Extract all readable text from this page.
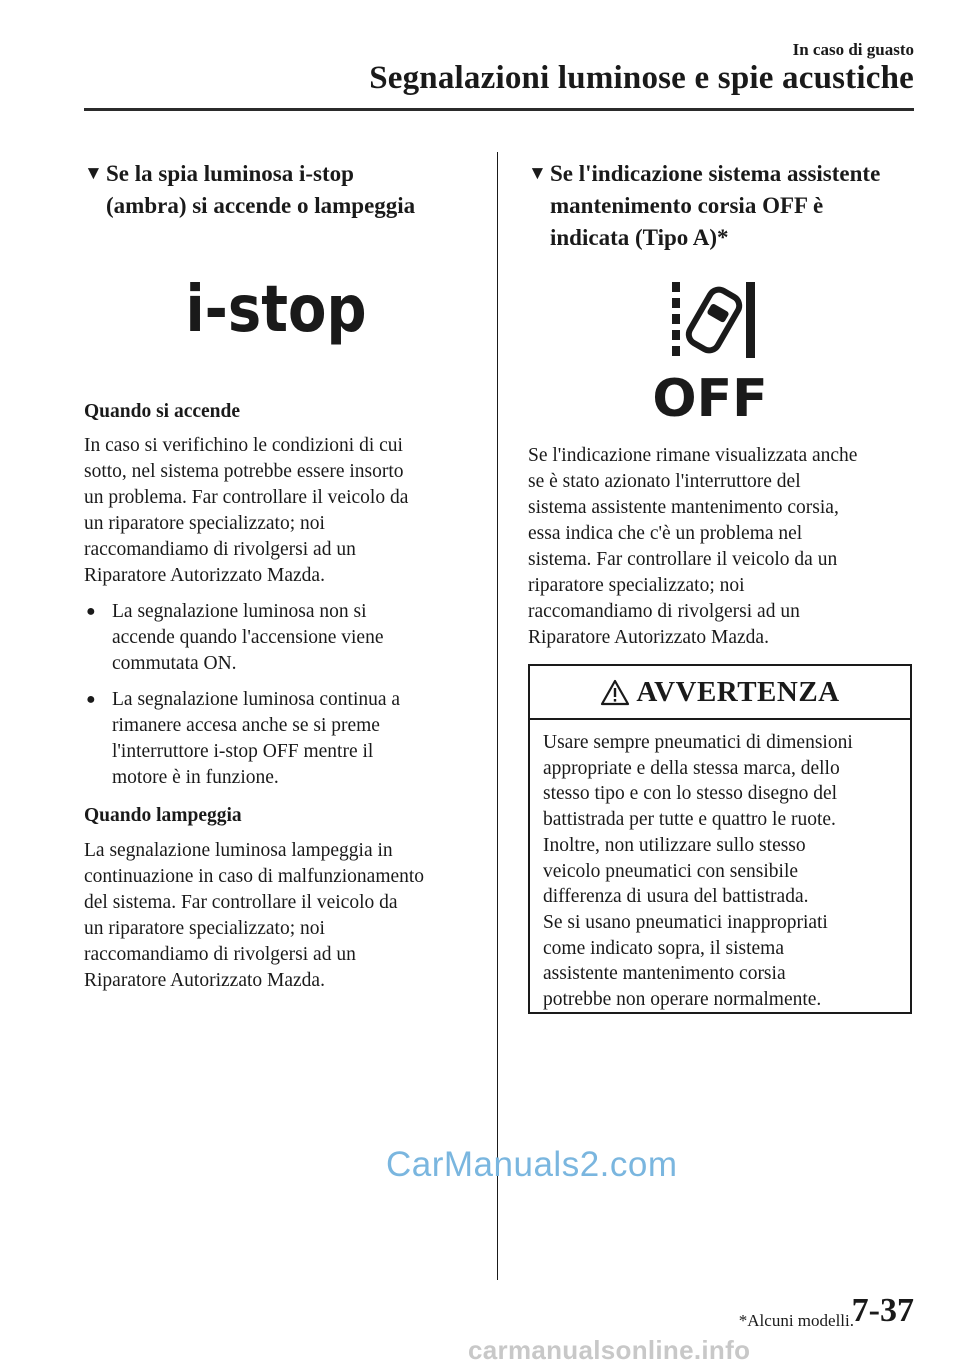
In caso di guasto
Segnalazioni luminose e spie acustiche
▼ Se la spia luminosa i-stop
(ambra) si accende o lampeggia
i-stop
Quando si accende
In caso si verifichino le condizioni di cui
sotto, nel sistema potrebbe essere insorto
un problema. Far controllare il veicolo da
un riparatore specializzato; noi
raccomandiamo di rivolgersi ad un
Riparatore Autorizzato Mazda.
● La segnalazione luminosa non si
accende quando l'accensione viene
commutata ON.
● La segnalazione luminosa continua a
rimanere accesa anche se si preme
l'interruttore i-stop OFF mentre il
motore è in funzione.
Quando lampeggia
La segnalazione luminosa lampeggia in
continuazione in caso di malfunzionamento
del sistema. Far controllare il veicolo da
un riparatore specializzato; noi
raccomandiamo di rivolgersi ad un
Riparatore Autorizzato Mazda.
▼ Se l'indicazione sistema assistente
mantenimento corsia OFF è
indicata (Tipo A)*
OFF
Se l'indicazione rimane visualizzata anche
se è stato azionato l'interruttore del
sistema assistente mantenimento corsia,
essa indica che c'è un problema nel
sistema. Far controllare il veicolo da un
riparatore specializzato; noi
raccomandiamo di rivolgersi ad un
Riparatore Autorizzato Mazda.
AVVERTENZA
Usare sempre pneumatici di dimensioni
appropriate e della stessa marca, dello
stesso tipo e con lo stesso disegno del
battistrada per tutte e quattro le ruote.
Inoltre, non utilizzare sullo stesso
veicolo pneumatici con sensibile
differenza di usura del battistrada.
Se si usano pneumatici inappropriati
come indicato sopra, il sistema
assistente mantenimento corsia
potrebbe non operare normalmente.
CarManuals2.com
carmanualsonline.info
*Alcuni modelli.
7-37
